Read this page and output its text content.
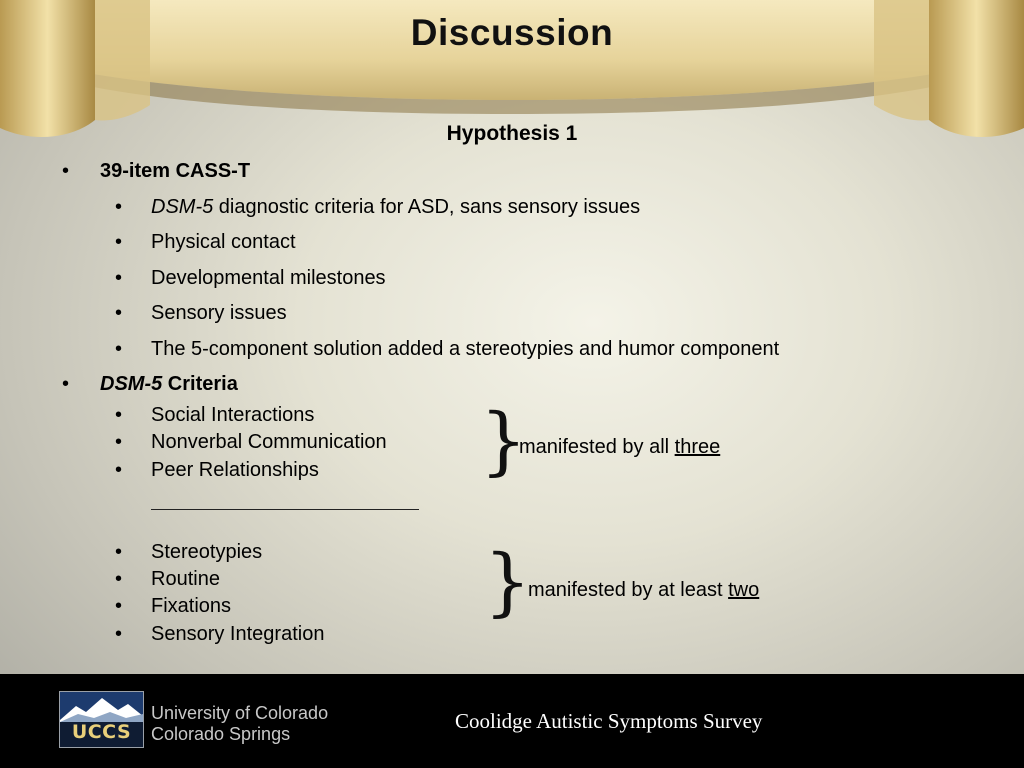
Discussion
Hypothesis 1
•	39-item CASS-T
•	DSM-5 diagnostic criteria for ASD, sans sensory issues
•	Physical contact
•	Developmental milestones
•	Sensory issues
•	The 5-component solution added a stereotypies and humor component
•	DSM-5 Criteria
•	Social Interactions
•	Nonverbal Communication
•	Peer Relationships }
manifested by all three
•	Stereotypies
•	Routine
•	Fixations
•	Sensory Integration
}
manifested by at least two
UCCS
University of Colorado
Colorado Springs
Coolidge Autistic Symptoms Survey
